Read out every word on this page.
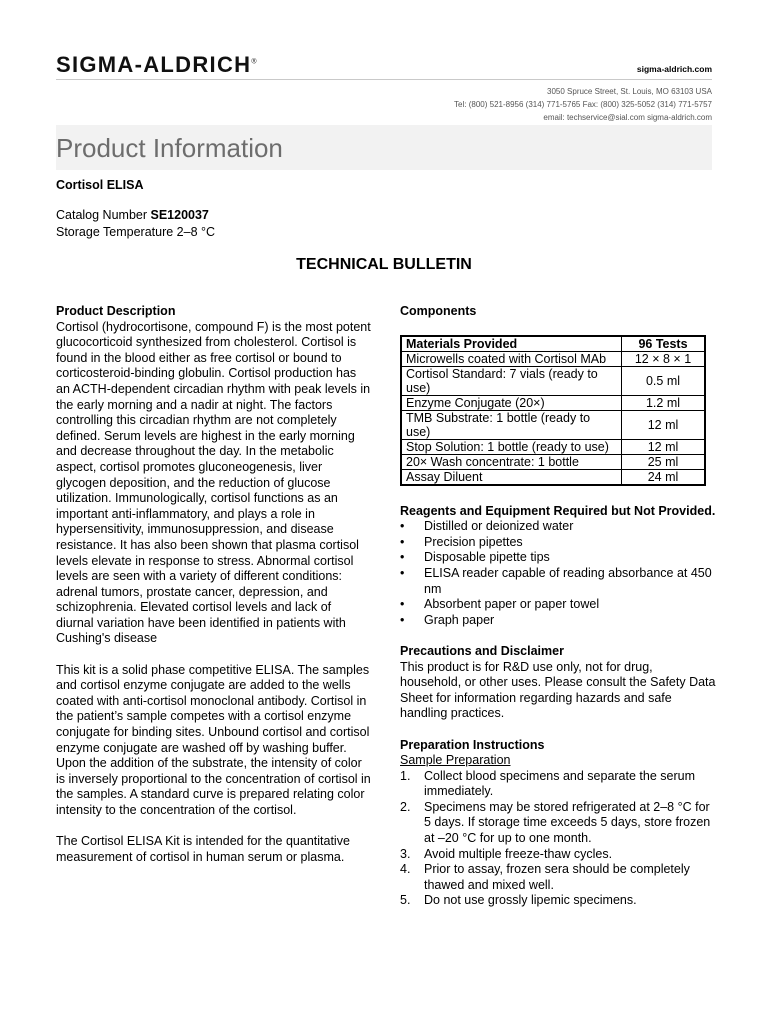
SIGMA-ALDRICH®
sigma-aldrich.com
3050 Spruce Street, St. Louis, MO 63103 USA
Tel: (800) 521-8956 (314) 771-5765 Fax: (800) 325-5052 (314) 771-5757
email: techservice@sial.com sigma-aldrich.com
Product Information
Cortisol ELISA
Catalog Number SE120037
Storage Temperature 2–8 °C
TECHNICAL BULLETIN
Product Description

Cortisol (hydrocortisone, compound F) is the most potent glucocorticoid synthesized from cholesterol. Cortisol is found in the blood either as free cortisol or bound to corticosteroid-binding globulin. Cortisol production has an ACTH-dependent circadian rhythm with peak levels in the early morning and a nadir at night. The factors controlling this circadian rhythm are not completely defined. Serum levels are highest in the early morning and decrease throughout the day. In the metabolic aspect, cortisol promotes gluconeogenesis, liver glycogen deposition, and the reduction of glucose utilization. Immunologically, cortisol functions as an important anti-inflammatory, and plays a role in hypersensitivity, immunosuppression, and disease resistance. It has also been shown that plasma cortisol levels elevate in response to stress. Abnormal cortisol levels are seen with a variety of different conditions: adrenal tumors, prostate cancer, depression, and schizophrenia. Elevated cortisol levels and lack of diurnal variation have been identified in patients with Cushing's disease

This kit is a solid phase competitive ELISA. The samples and cortisol enzyme conjugate are added to the wells coated with anti-cortisol monoclonal antibody. Cortisol in the patient’s sample competes with a cortisol enzyme conjugate for binding sites. Unbound cortisol and cortisol enzyme conjugate are washed off by washing buffer. Upon the addition of the substrate, the intensity of color is inversely proportional to the concentration of cortisol in the samples. A standard curve is prepared relating color intensity to the concentration of the cortisol.

The Cortisol ELISA Kit is intended for the quantitative measurement of cortisol in human serum or plasma.

Components
Materials Provided	96 Tests
Microwells coated with Cortisol MAb	12 × 8 × 1
Cortisol Standard: 7 vials (ready to use)	0.5 ml
Enzyme Conjugate (20×)	1.2 ml
TMB Substrate: 1 bottle (ready to use)	12 ml
Stop Solution: 1 bottle (ready to use)	12 ml
20× Wash concentrate: 1 bottle	25 ml
Assay Diluent	24 ml
Reagents and Equipment Required but Not Provided.
• Distilled or deionized water
• Precision pipettes
• Disposable pipette tips
• ELISA reader capable of reading absorbance at 450 nm
• Absorbent paper or paper towel
• Graph paper
Precautions and Disclaimer

This product is for R&D use only, not for drug, household, or other uses. Please consult the Safety Data Sheet for information regarding hazards and safe handling practices.

Preparation Instructions
Sample Preparation
1. Collect blood specimens and separate the serum immediately.
2. Specimens may be stored refrigerated at 2–8 °C for 5 days. If storage time exceeds 5 days, store frozen at –20 °C for up to one month.
3. Avoid multiple freeze-thaw cycles.
4. Prior to assay, frozen sera should be completely thawed and mixed well.
5. Do not use grossly lipemic specimens.
